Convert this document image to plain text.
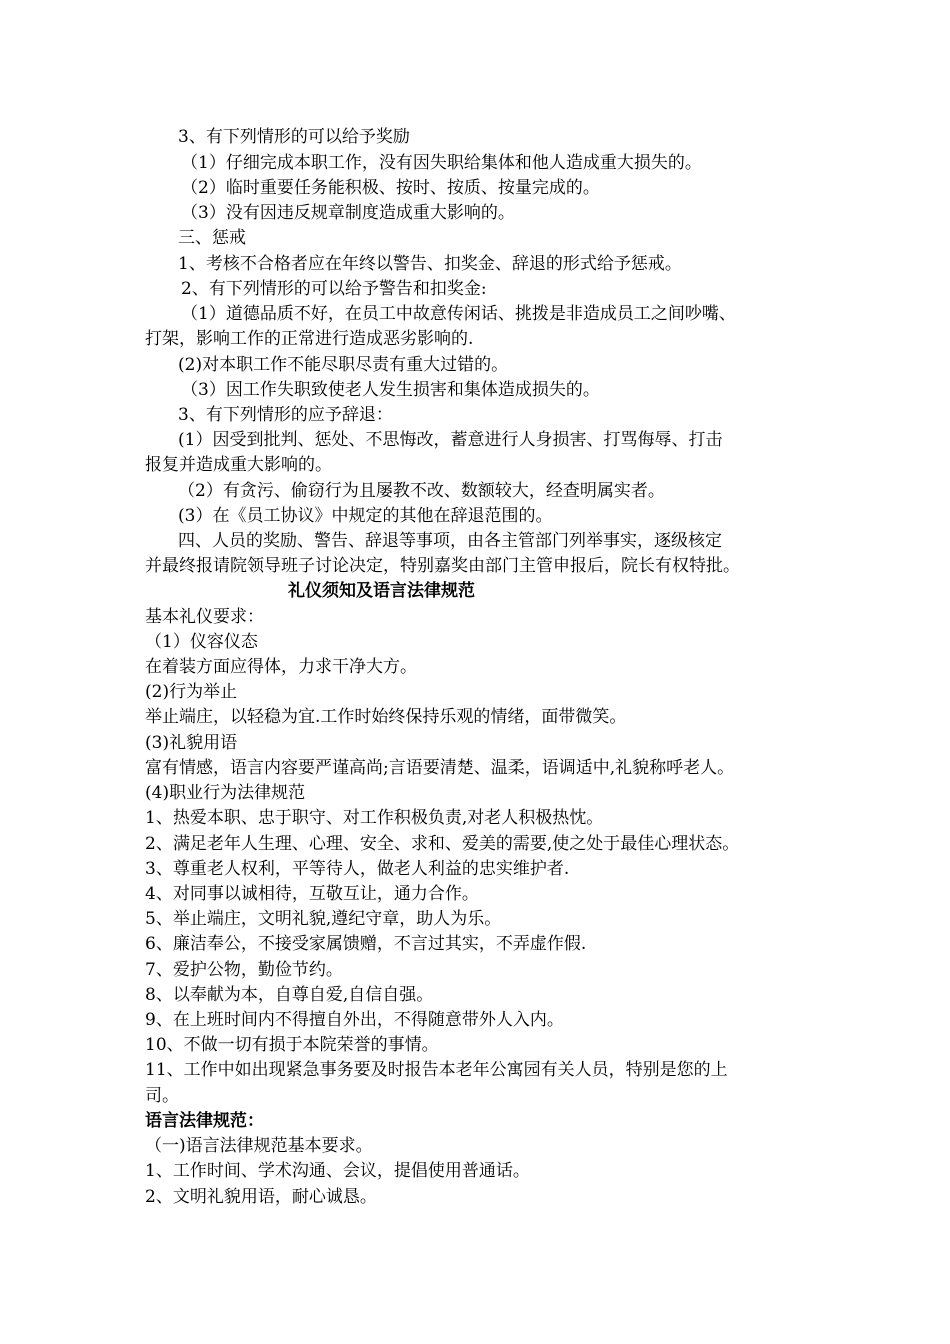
3、有下列情形的可以给予奖励
（1）仔细完成本职工作，没有因失职给集体和他人造成重大损失的。
（2）临时重要任务能积极、按时、按质、按量完成的。
（3）没有因违反规章制度造成重大影响的。
三、惩戒
1、考核不合格者应在年终以警告、扣奖金、辞退的形式给予惩戒。
2、有下列情形的可以给予警告和扣奖金:
（1）道德品质不好，在员工中故意传闲话、挑拨是非造成员工之间吵嘴、
打架，影响工作的正常进行造成恶劣影响的.
(2)对本职工作不能尽职尽责有重大过错的。
（3）因工作失职致使老人发生损害和集体造成损失的。
3、有下列情形的应予辞退：
(1）因受到批判、惩处、不思悔改，蓄意进行人身损害、打骂侮辱、打击
报复并造成重大影响的。
（2）有贪污、偷窃行为且屡教不改、数额较大，经查明属实者。
(3）在《员工协议》中规定的其他在辞退范围的。
四、人员的奖励、警告、辞退等事项，由各主管部门列举事实，逐级核定
并最终报请院领导班子讨论决定，特别嘉奖由部门主管申报后，院长有权特批。
礼仪须知及语言法律规范
基本礼仪要求：
（1）仪容仪态
在着装方面应得体，力求干净大方。
(2)行为举止
举止端庄，以轻稳为宜.工作时始终保持乐观的情绪，面带微笑。
(3)礼貌用语
富有情感，语言内容要严谨高尚;言语要清楚、温柔，语调适中,礼貌称呼老人。
(4)职业行为法律规范
1、热爱本职、忠于职守、对工作积极负责,对老人积极热忱。
2、满足老年人生理、心理、安全、求和、爱美的需要,使之处于最佳心理状态。
3、尊重老人权利，平等待人，做老人利益的忠实维护者.
4、对同事以诚相待，互敬互让，通力合作。
5、举止端庄，文明礼貌,遵纪守章，助人为乐。
6、廉洁奉公，不接受家属馈赠，不言过其实，不弄虚作假.
7、爱护公物，勤俭节约。
8、以奉献为本，自尊自爱,自信自强。
9、在上班时间内不得擅自外出，不得随意带外人入内。
10、不做一切有损于本院荣誉的事情。
11、工作中如出现紧急事务要及时报告本老年公寓园有关人员，特别是您的上
司。
语言法律规范：
（一)语言法律规范基本要求。
1、工作时间、学术沟通、会议，提倡使用普通话。
2、文明礼貌用语，耐心诚恳。
